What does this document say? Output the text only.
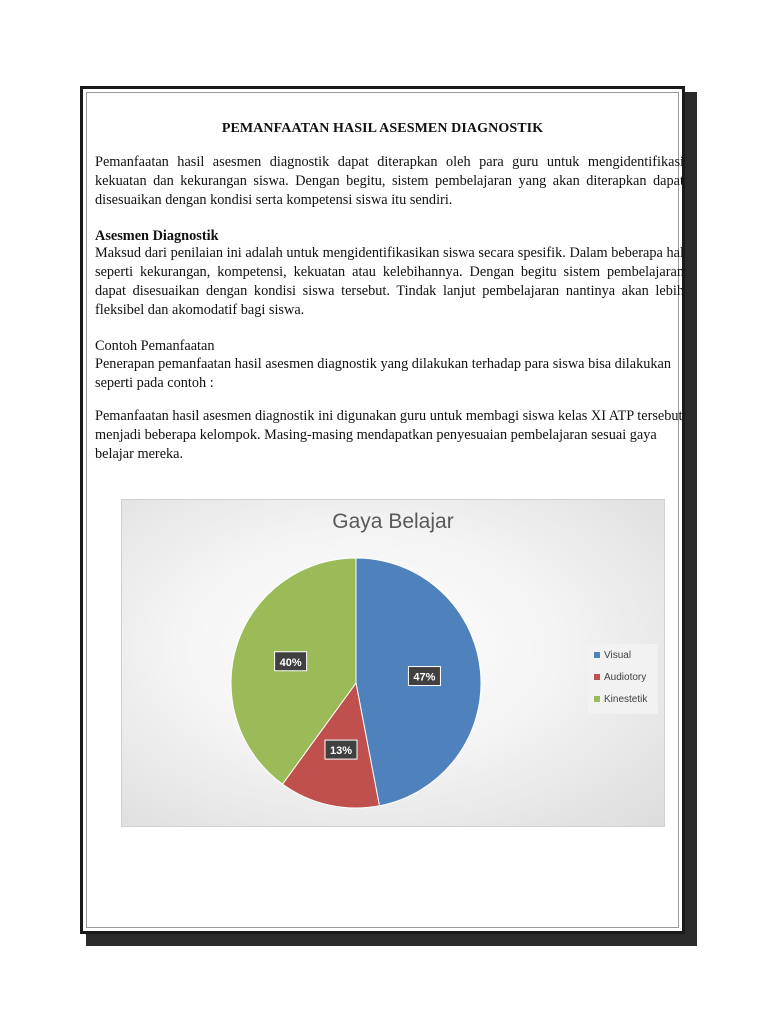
PEMANFAATAN HASIL ASESMEN DIAGNOSTIK

Pemanfaatan hasil asesmen diagnostik dapat diterapkan oleh para guru untuk mengidentifikasi kekuatan dan kekurangan siswa. Dengan begitu, sistem pembelajaran yang akan diterapkan dapat disesuaikan dengan kondisi serta kompetensi siswa itu sendiri.

Asesmen Diagnostik

Maksud dari penilaian ini adalah untuk mengidentifikasikan siswa secara spesifik. Dalam beberapa hal seperti kekurangan, kompetensi, kekuatan atau kelebihannya. Dengan begitu sistem pembelajaran dapat disesuaikan dengan kondisi siswa tersebut. Tindak lanjut pembelajaran nantinya akan lebih fleksibel dan akomodatif bagi siswa.

Contoh Pemanfaatan

Penerapan pemanfaatan hasil asesmen diagnostik yang dilakukan terhadap para siswa bisa dilakukan seperti pada contoh :

Pemanfaatan hasil asesmen diagnostik ini digunakan guru untuk membagi siswa kelas XI ATP tersebut menjadi beberapa kelompok. Masing-masing mendapatkan penyesuaian pembelajaran sesuai gaya belajar mereka.

Gaya Belajar
47%
13%
40%
Visual
Audiotory
Kinestetik
